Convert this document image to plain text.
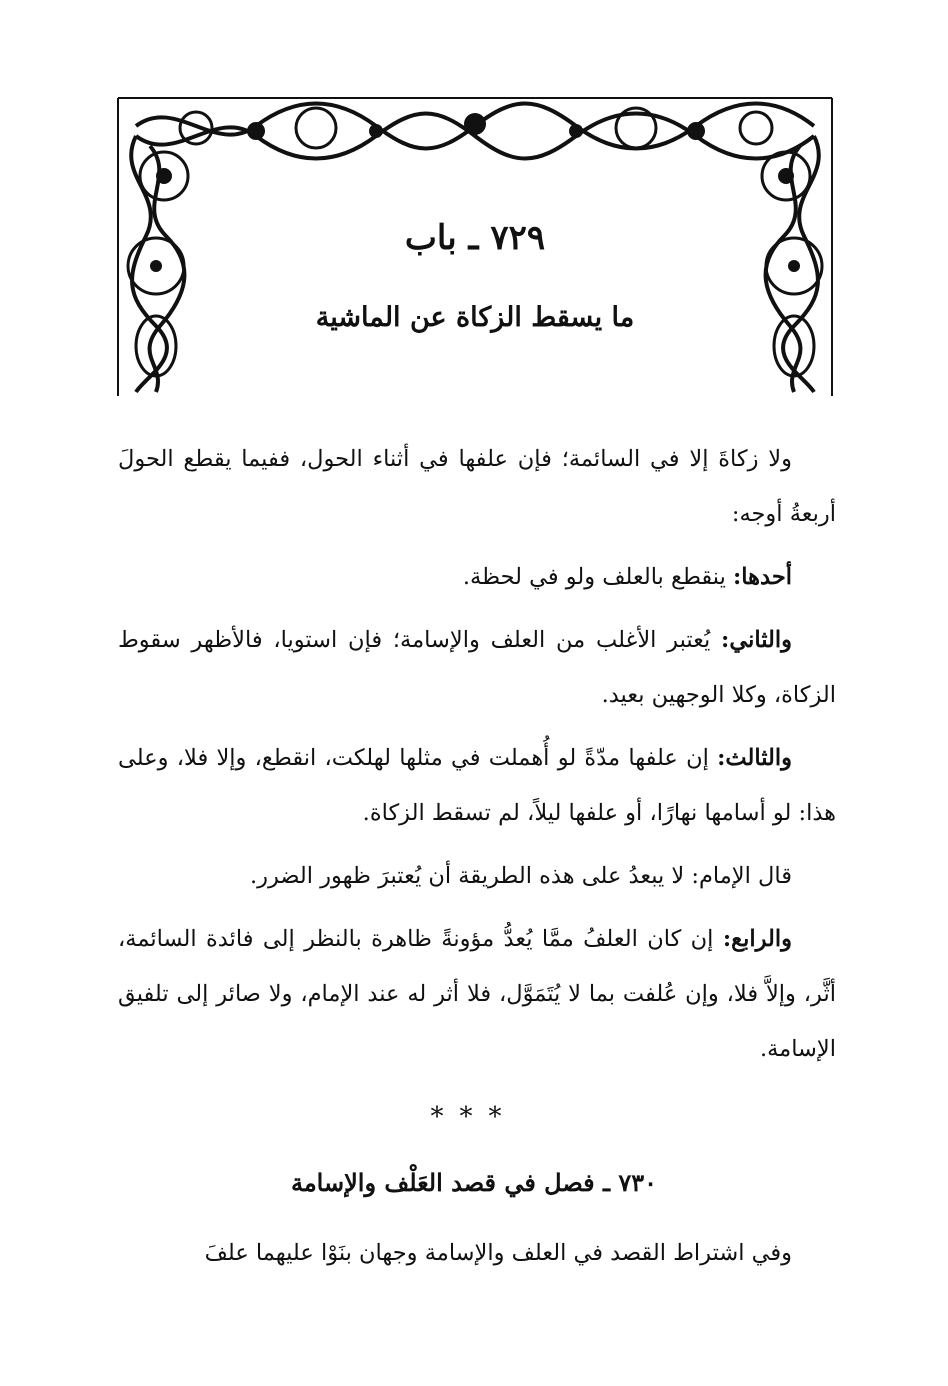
٧٢٩ ـ باب
ما يسقط الزكاة عن الماشية

ولا زكاةَ إلا في السائمة؛ فإن علفها في أثناء الحول، ففيما يقطع الحولَ أربعةُ أوجه:

أحدها: ينقطع بالعلف ولو في لحظة.

والثاني: يُعتبر الأغلب من العلف والإسامة؛ فإن استويا، فالأظهر سقوط الزكاة، وكلا الوجهين بعيد.

والثالث: إن علفها مدّةً لو أُهملت في مثلها لهلكت، انقطع، وإلا فلا، وعلى هذا: لو أسامها نهارًا، أو علفها ليلاً، لم تسقط الزكاة.

قال الإمام: لا يبعدُ على هذه الطريقة أن يُعتبرَ ظهور الضرر.

والرابع: إن كان العلفُ ممَّا يُعدُّ مؤونةً ظاهرة بالنظر إلى فائدة السائمة، أثَّر، وإلاَّ فلا، وإن عُلفت بما لا يُتَمَوَّل، فلا أثر له عند الإمام، ولا صائر إلى تلفيق الإسامة.

***
٧٣٠ ـ فصل في قصد العَلْف والإسامة
وفي اشتراط القصد في العلف والإسامة وجهان بنَوْا عليهما علفَ
